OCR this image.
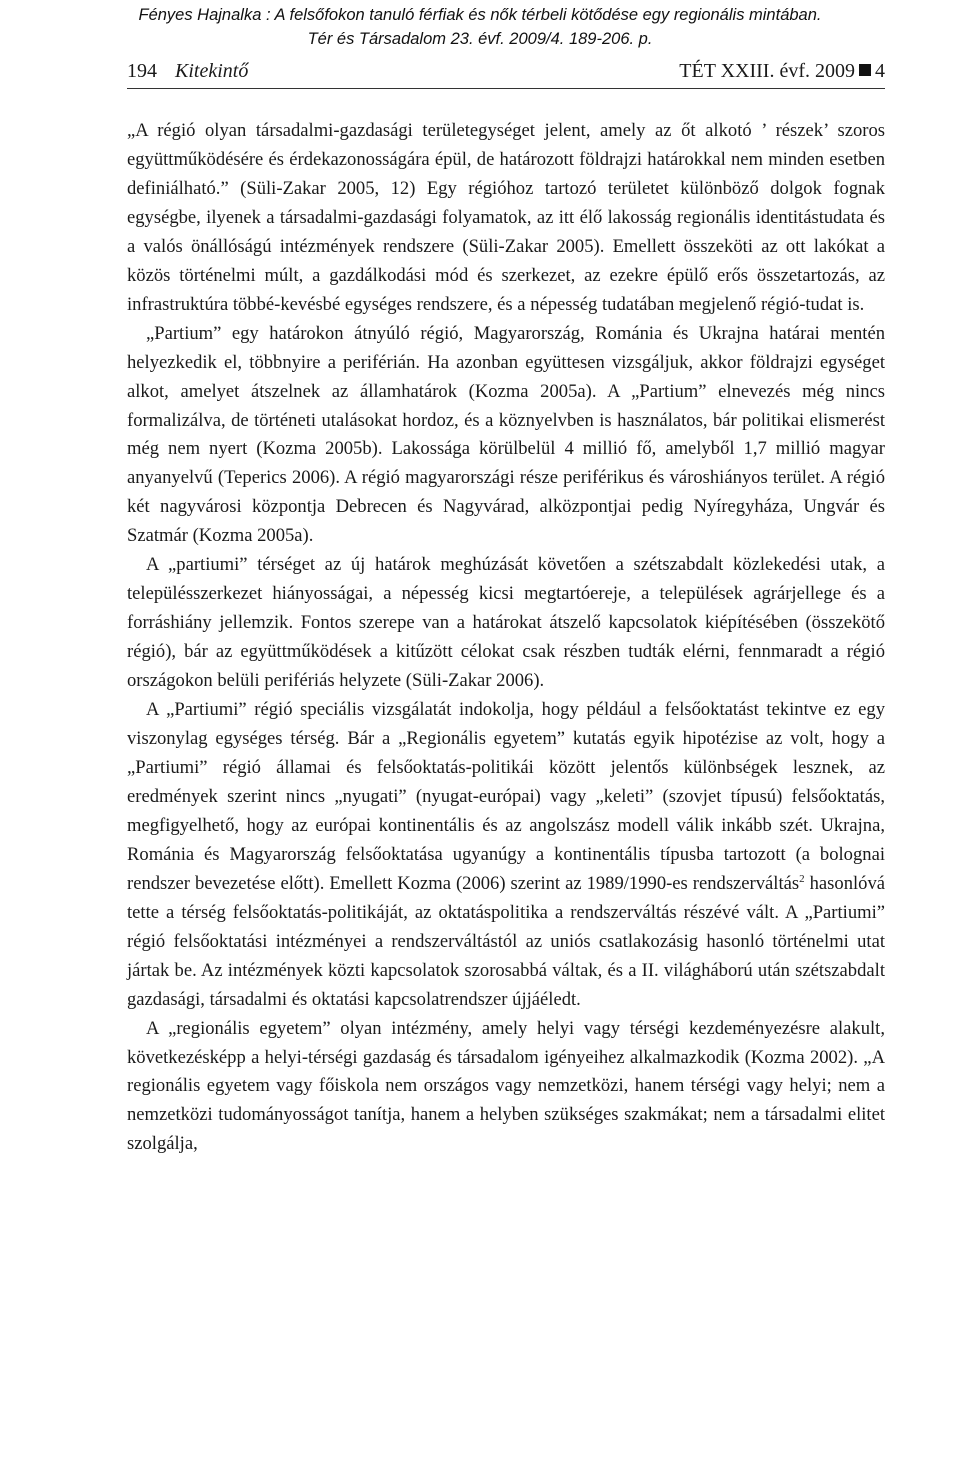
Fényes Hajnalka : A felsőfokon tanuló férfiak és nők térbeli kötődése egy regionális mintában.
Tér és Társadalom 23. évf. 2009/4. 189-206. p.
194 Kitekintő	TÉT XXIII. évf. 2009 4

„A régió olyan társadalmi-gazdasági területegységet jelent, amely az őt alkotó ’ részek’ szoros együttműködésére és érdekazonosságára épül, de határozott földrajzi határokkal nem minden esetben definiálható.” (Süli-Zakar 2005, 12) Egy régióhoz tartozó területet különböző dolgok fognak egységbe, ilyenek a társadalmi-gazdasági folyamatok, az itt élő lakosság regionális identitástudata és a valós önállóságú intézmények rendszere (Süli-Zakar 2005). Emellett összeköti az ott lakókat a közös történelmi múlt, a gazdálkodási mód és szerkezet, az ezekre épülő erős összetartozás, az infrastruktúra többé-kevésbé egységes rendszere, és a népesség tudatában megjelenő régió-tudat is.

„Partium” egy határokon átnyúló régió, Magyarország, Románia és Ukrajna határai mentén helyezkedik el, többnyire a periférián. Ha azonban együttesen vizsgáljuk, akkor földrajzi egységet alkot, amelyet átszelnek az államhatárok (Kozma 2005a). A „Partium” elnevezés még nincs formalizálva, de történeti utalásokat hordoz, és a köznyelvben is használatos, bár politikai elismerést még nem nyert (Kozma 2005b). Lakossága körülbelül 4 millió fő, amelyből 1,7 millió magyar anyanyelvű (Teperics 2006). A régió magyarországi része periférikus és városhiányos terület. A régió két nagyvárosi központja Debrecen és Nagyvárad, alközpontjai pedig Nyíregyháza, Ungvár és Szatmár (Kozma 2005a).

A „partiumi” térséget az új határok meghúzását követően a szétszabdalt közlekedési utak, a településszerkezet hiányosságai, a népesség kicsi megtartóereje, a települések agrárjellege és a forráshiány jellemzik. Fontos szerepe van a határokat átszelő kapcsolatok kiépítésében (összekötő régió), bár az együttműködések a kitűzött célokat csak részben tudták elérni, fennmaradt a régió országokon belüli perifériás helyzete (Süli-Zakar 2006).

A „Partiumi” régió speciális vizsgálatát indokolja, hogy például a felsőoktatást tekintve ez egy viszonylag egységes térség. Bár a „Regionális egyetem” kutatás egyik hipotézise az volt, hogy a „Partiumi” régió államai és felsőoktatás-politikái között jelentős különbségek lesznek, az eredmények szerint nincs „nyugati” (nyugat-európai) vagy „keleti” (szovjet típusú) felsőoktatás, megfigyelhető, hogy az európai kontinentális és az angolszász modell válik inkább szét. Ukrajna, Románia és Magyarország felsőoktatása ugyanúgy a kontinentális típusba tartozott (a bolognai rendszer bevezetése előtt). Emellett Kozma (2006) szerint az 1989/1990-es rendszerváltás$^2$ hasonlóvá tette a térség felsőoktatás-politikáját, az oktatáspolitika a rendszerváltás részévé vált. A „Partiumi” régió felsőoktatási intézményei a rendszerváltástól az uniós csatlakozásig hasonló történelmi utat jártak be. Az intézmények közti kapcsolatok szorosabbá váltak, és a II. világháború után szétszabdalt gazdasági, társadalmi és oktatási kapcsolatrendszer újjáéledt.

A „regionális egyetem” olyan intézmény, amely helyi vagy térségi kezdeményezésre alakult, következésképp a helyi-térségi gazdaság és társadalom igényeihez alkalmazkodik (Kozma 2002). „A regionális egyetem vagy főiskola nem országos vagy nemzetközi, hanem térségi vagy helyi; nem a nemzetközi tudományosságot tanítja, hanem a helyben szükséges szakmákat; nem a társadalmi elitet szolgálja,
